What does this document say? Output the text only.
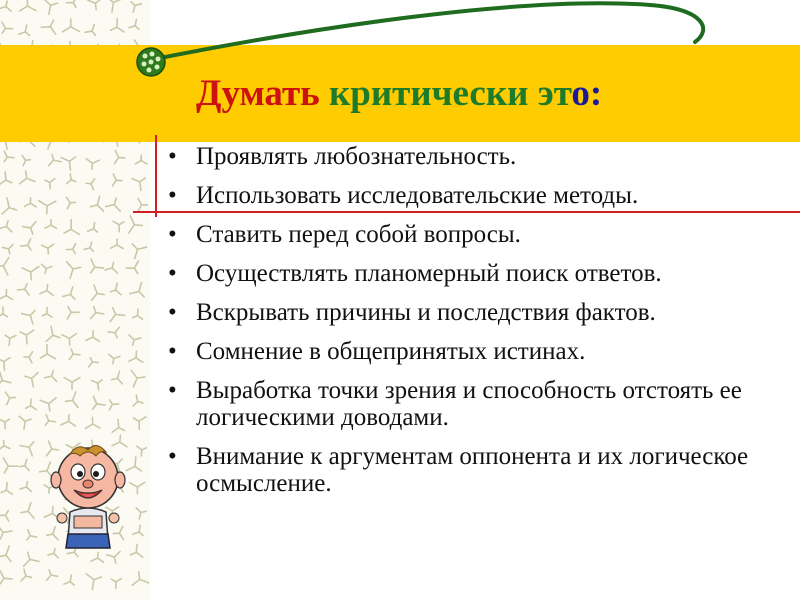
Думать критически это:
• Проявлять любознательность.
• Использовать исследовательские методы.
• Ставить перед собой вопросы.
• Осуществлять планомерный поиск ответов.
• Вскрывать причины и последствия фактов.
• Сомнение в общепринятых истинах.
• Выработка точки зрения и способность отстоять ее логическими доводами.
• Внимание к аргументам оппонента и их логическое осмысление.
